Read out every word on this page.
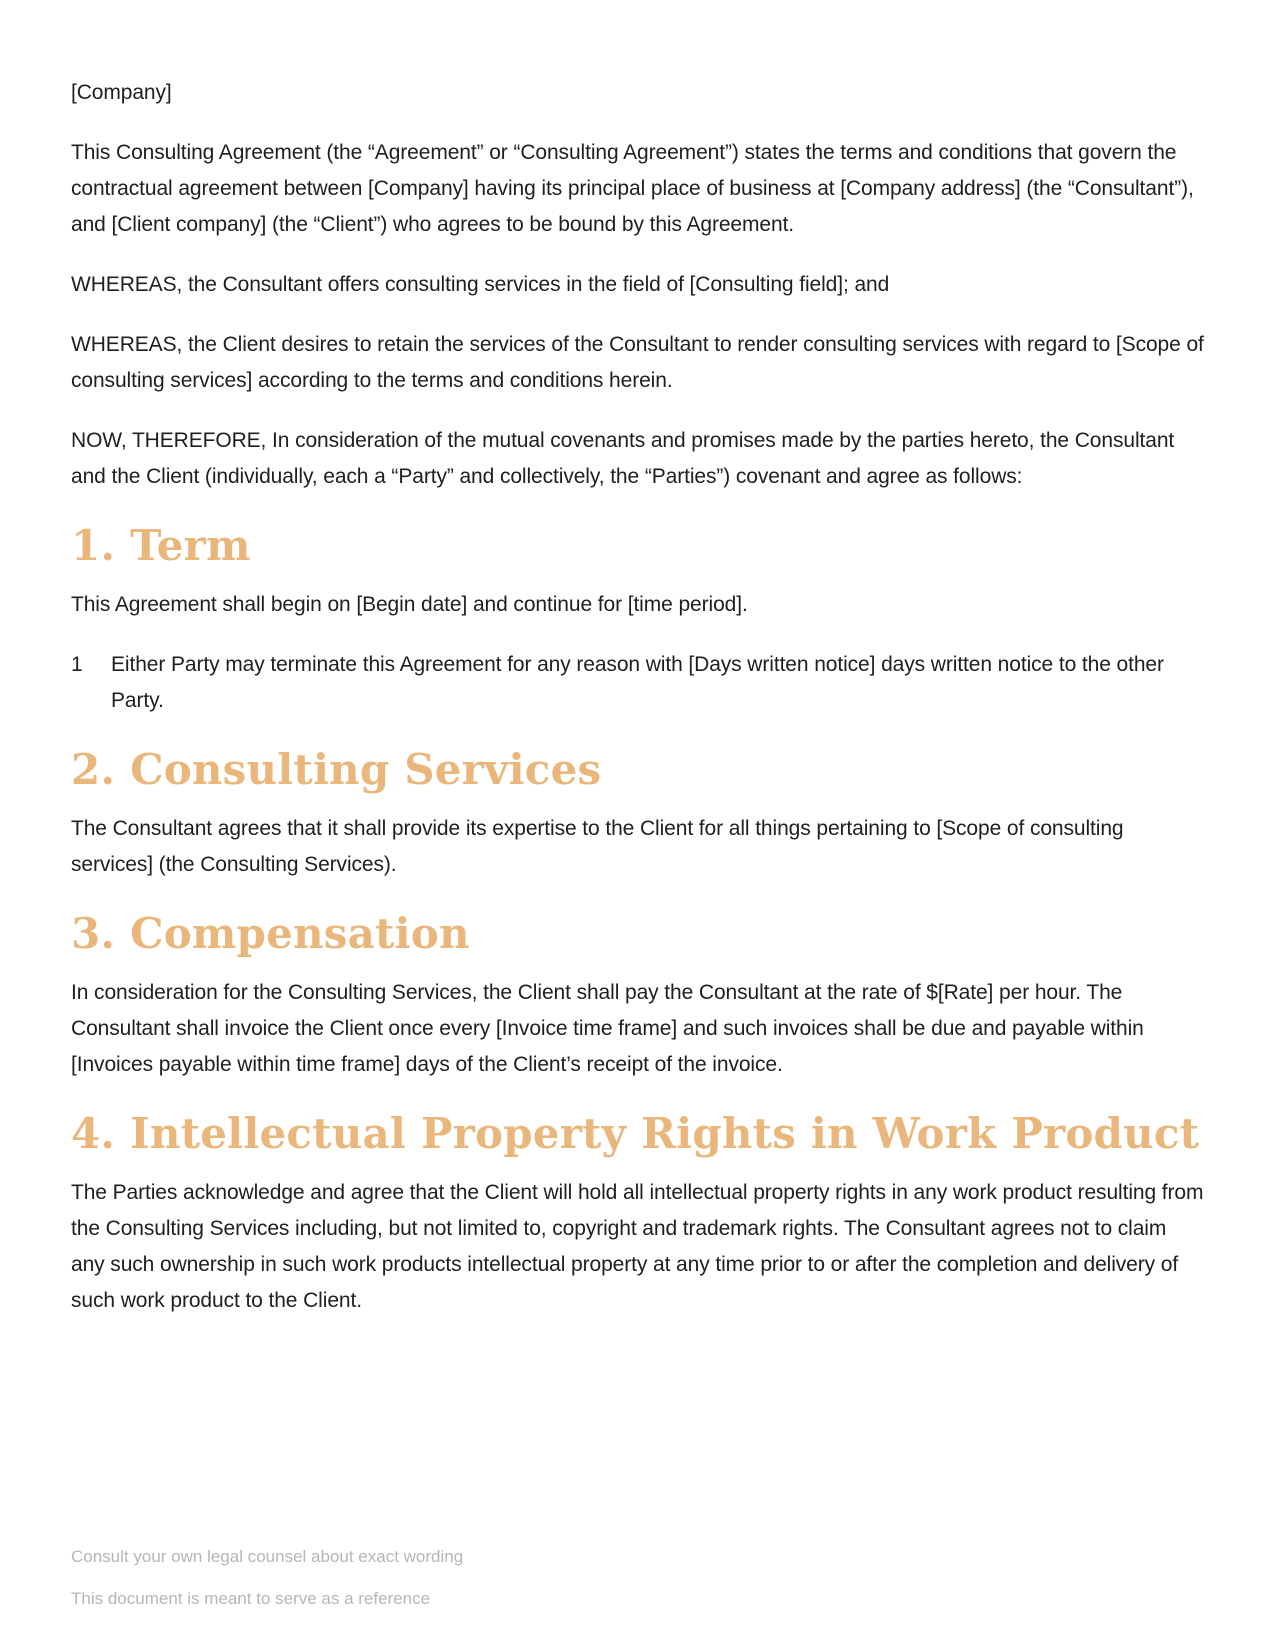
[Company]

This Consulting Agreement (the “Agreement” or “Consulting Agreement”) states the terms and conditions that govern the contractual agreement between [Company] having its principal place of business at [Company address] (the “Consultant”), and [Client company] (the “Client”) who agrees to be bound by this Agreement.

WHEREAS, the Consultant offers consulting services in the field of [Consulting field]; and

WHEREAS, the Client desires to retain the services of the Consultant to render consulting services with regard to [Scope of consulting services] according to the terms and conditions herein.

NOW, THEREFORE, In consideration of the mutual covenants and promises made by the parties hereto, the Consultant and the Client (individually, each a “Party” and collectively, the “Parties”) covenant and agree as follows:

1. Term

This Agreement shall begin on [Begin date] and continue for [time period].

1	Either Party may terminate this Agreement for any reason with [Days written notice] days written notice to the other Party.
2. Consulting Services

The Consultant agrees that it shall provide its expertise to the Client for all things pertaining to [Scope of consulting services] (the Consulting Services).

3. Compensation

In consideration for the Consulting Services, the Client shall pay the Consultant at the rate of $[Rate] per hour. The Consultant shall invoice the Client once every [Invoice time frame] and such invoices shall be due and payable within [Invoices payable within time frame] days of the Client’s receipt of the invoice.

4. Intellectual Property Rights in Work Product

The Parties acknowledge and agree that the Client will hold all intellectual property rights in any work product resulting from the Consulting Services including, but not limited to, copyright and trademark rights. The Consultant agrees not to claim any such ownership in such work products intellectual property at any time prior to or after the completion and delivery of such work product to the Client.

Consult your own legal counsel about exact wording
This document is meant to serve as a reference
